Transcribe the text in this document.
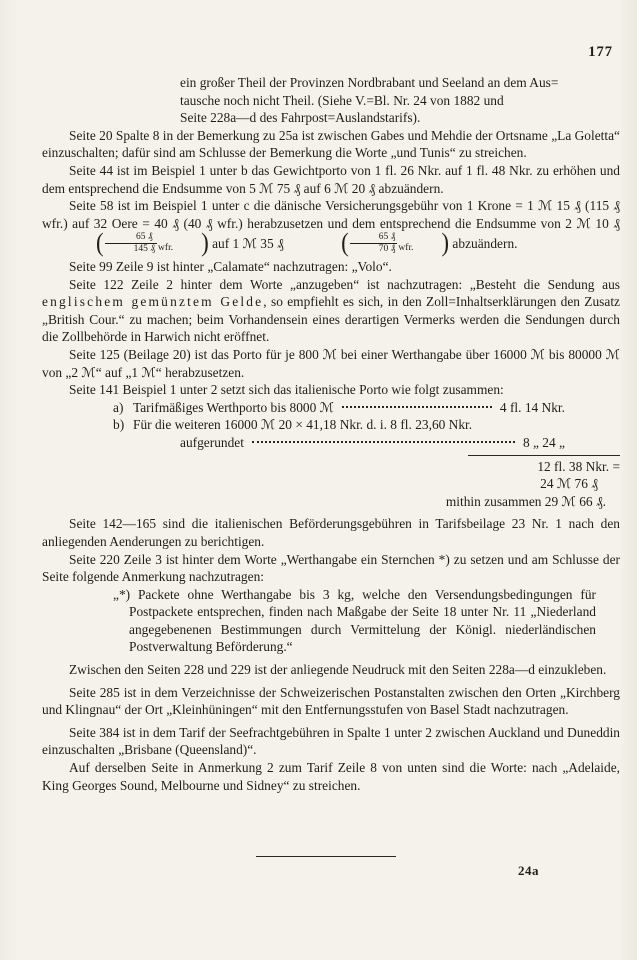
177
ein großer Theil der Provinzen Nordbrabant und Seeland an dem Aus=
tausche noch nicht Theil. (Siehe V.=Bl. Nr. 24 von 1882 und
Seite 228a—d des Fahrpost=Auslandstarifs).

Seite 20 Spalte 8 in der Bemerkung zu 25a ist zwischen Gabes und Mehdie der Ortsname „La Goletta“ einzuschalten; dafür sind am Schlusse der Bemerkung die Worte „und Tunis“ zu streichen.

Seite 44 ist im Beispiel 1 unter b das Gewichtporto von 1 fl. 26 Nkr. auf 1 fl. 48 Nkr. zu erhöhen und dem entsprechend die Endsumme von 5 ℳ 75 ₰ auf 6 ℳ 20 ₰ abzuändern.

Seite 58 ist im Beispiel 1 unter c die dänische Versicherungsgebühr von 1 Krone = 1 ℳ 15 ₰ (115 ₰ wfr.) auf 32 Oere = 40 ₰ (40 ₰ wfr.) herabzusetzen und dem entsprechend die Endsumme von 2 ℳ 10 ₰ ( $\frac{65 ₰}{145 ₰} _{wfr.}$ ) auf 1 ℳ 35 ₰ ( $\frac{65 ₰}{70 ₰} _{wfr.}$ ) abzuändern.

Seite 99 Zeile 9 ist hinter „Calamate“ nachzutragen: „Volo“.

Seite 122 Zeile 2 hinter dem Worte „anzugeben“ ist nachzutragen: „Besteht die Sendung aus englischem gemünztem Gelde, so empfiehlt es sich, in den Zoll=Inhaltserklärungen den Zusatz „British Cour.“ zu machen; beim Vorhandensein eines derartigen Vermerks werden die Sendungen durch die Zollbehörde in Harwich nicht eröffnet.

Seite 125 (Beilage 20) ist das Porto für je 800 ℳ bei einer Werthangabe über 16000 ℳ bis 80000 ℳ von „2 ℳ“ auf „1 ℳ“ herabzusetzen.

Seite 141 Beispiel 1 unter 2 setzt sich das italienische Porto wie folgt zusammen:

a) Tarifmäßiges Werthporto bis 8000 ℳ	4 fl. 14 Nkr.
b) Für die weiteren 16000 ℳ 20 × 41,18 Nkr. d. i. 8 fl. 23,60 Nkr.
aufgerundet	8 „ 24 „
12 fl. 38 Nkr. =
24 ℳ 76 ₰
mithin zusammen 29 ℳ 66 ₰.

Seite 142—165 sind die italienischen Beförderungsgebühren in Tarifsbeilage 23 Nr. 1 nach den anliegenden Aenderungen zu berichtigen.

Seite 220 Zeile 3 ist hinter dem Worte „Werthangabe ein Sternchen *) zu setzen und am Schlusse der Seite folgende Anmerkung nachzutragen:

„*) Packete ohne Werthangabe bis 3 kg, welche den Versendungsbedingungen für Postpackete entsprechen, finden nach Maßgabe der Seite 18 unter Nr. 11 „Niederland angegebenenen Bestimmungen durch Vermittelung der Königl. niederländischen Postverwaltung Beförderung.“

Zwischen den Seiten 228 und 229 ist der anliegende Neudruck mit den Seiten 228a—d einzukleben.

Seite 285 ist in dem Verzeichnisse der Schweizerischen Postanstalten zwischen den Orten „Kirchberg und Klingnau“ der Ort „Kleinhüningen“ mit den Entfernungsstufen von Basel Stadt nachzutragen.

Seite 384 ist in dem Tarif der Seefrachtgebühren in Spalte 1 unter 2 zwischen Auckland und Duneddin einzuschalten „Brisbane (Queensland)“.

Auf derselben Seite in Anmerkung 2 zum Tarif Zeile 8 von unten sind die Worte: nach „Adelaide, King Georges Sound, Melbourne und Sidney“ zu streichen.

24a
